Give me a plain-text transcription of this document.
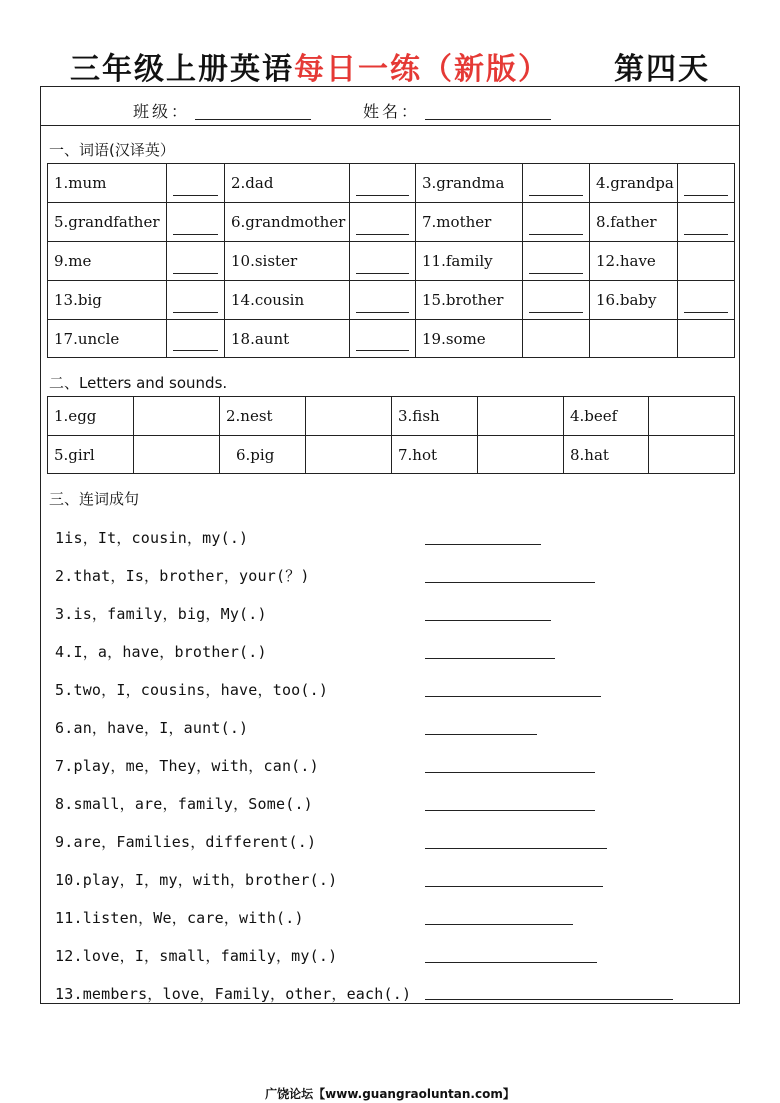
三年级上册英语每日一练（新版） 第四天
班级：	姓名：
一、词语(汉译英）
1.mum		2.dad		3.grandma		4.grandpa	

5.grandfather		6.grandmother		7.mother		8.father	

9.me		10.sister		11.family		12.have	
13.big		14.cousin		15.brother		16.baby	

17.uncle		18.aunt		19.some			
二、Letters and sounds.
1.egg		2.nest		3.fish		4.beef	
5.girl		6.pig		7.hot		8.hat	
三、连词成句
1is，It，cousin，my(.)
2.that，Is，brother，your(？)
3.is，family，big，My(.)
4.I，a，have，brother(.)
5.two，I，cousins，have，too(.)
6.an，have，I，aunt(.)
7.play，me，They，with，can(.)
8.small，are，family，Some(.)
9.are，Families，different(.)
10.play，I，my，with，brother(.)
11.listen，We，care，with(.)
12.love，I，small，family，my(.)
13.members，love，Family，other，each(.)
广饶论坛【www.guangraoluntan.com】
